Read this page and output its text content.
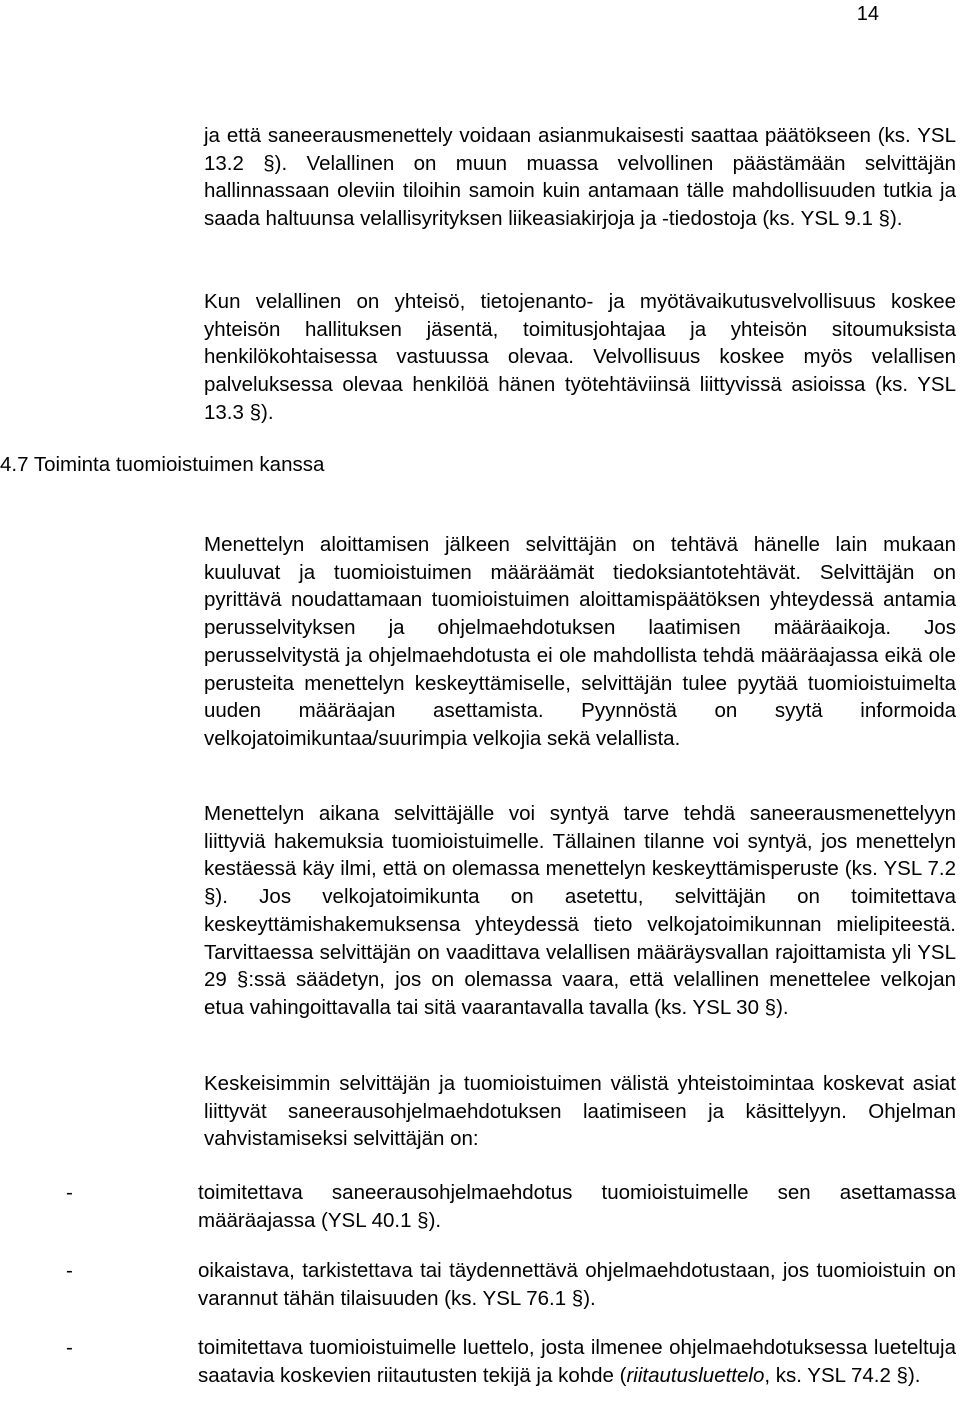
14

ja että saneerausmenettely voidaan asianmukaisesti saattaa päätökseen (ks. YSL 13.2 §). Velallinen on muun muassa velvollinen päästämään selvittäjän hallinnassaan oleviin tiloihin samoin kuin antamaan tälle mahdollisuuden tutkia ja saada haltuunsa velallisyrityksen liikeasiakirjoja ja -tiedostoja (ks. YSL 9.1 §).

Kun velallinen on yhteisö, tietojenanto- ja myötävaikutusvelvollisuus koskee yhteisön hallituksen jäsentä, toimitusjohtajaa ja yhteisön sitoumuksista henkilökohtaisessa vastuussa olevaa. Velvollisuus koskee myös velallisen palveluksessa olevaa henkilöä hänen työtehtäviinsä liittyvissä asioissa (ks. YSL 13.3 §).

4.7 Toiminta tuomioistuimen kanssa

Menettelyn aloittamisen jälkeen selvittäjän on tehtävä hänelle lain mukaan kuuluvat ja tuomioistuimen määräämät tiedoksiantotehtävät. Selvittäjän on pyrittävä noudattamaan tuomioistuimen aloittamispäätöksen yhteydessä antamia perusselvityksen ja ohjelmaehdotuksen laatimisen määräaikoja. Jos perusselvitystä ja ohjelmaehdotusta ei ole mahdollista tehdä määräajassa eikä ole perusteita menettelyn keskeyttämiselle, selvittäjän tulee pyytää tuomioistuimelta uuden määräajan asettamista. Pyynnöstä on syytä informoida velkojatoimikuntaa/suurimpia velkojia sekä velallista.

Menettelyn aikana selvittäjälle voi syntyä tarve tehdä saneerausmenettelyyn liittyviä hakemuksia tuomioistuimelle. Tällainen tilanne voi syntyä, jos menettelyn kestäessä käy ilmi, että on olemassa menettelyn keskeyttämisperuste (ks. YSL 7.2 §). Jos velkojatoimikunta on asetettu, selvittäjän on toimitettava keskeyttämishakemuksensa yhteydessä tieto velkojatoimikunnan mielipiteestä. Tarvittaessa selvittäjän on vaadittava velallisen määräysvallan rajoittamista yli YSL 29 §:ssä säädetyn, jos on olemassa vaara, että velallinen menettelee velkojan etua vahingoittavalla tai sitä vaarantavalla tavalla (ks. YSL 30 §).

Keskeisimmin selvittäjän ja tuomioistuimen välistä yhteistoimintaa koskevat asiat liittyvät saneerausohjelmaehdotuksen laatimiseen ja käsittelyyn. Ohjelman vahvistamiseksi selvittäjän on:

-	toimitettava saneerausohjelmaehdotus tuomioistuimelle sen asettamassa määräajassa (YSL 40.1 §).
-	oikaistava, tarkistettava tai täydennettävä ohjelmaehdotustaan, jos tuomioistuin on varannut tähän tilaisuuden (ks. YSL 76.1 §).
-	toimitettava tuomioistuimelle luettelo, josta ilmenee ohjelmaehdotuksessa lueteltuja saatavia koskevien riitautusten tekijä ja kohde (riitautusluettelo, ks. YSL 74.2 §).
